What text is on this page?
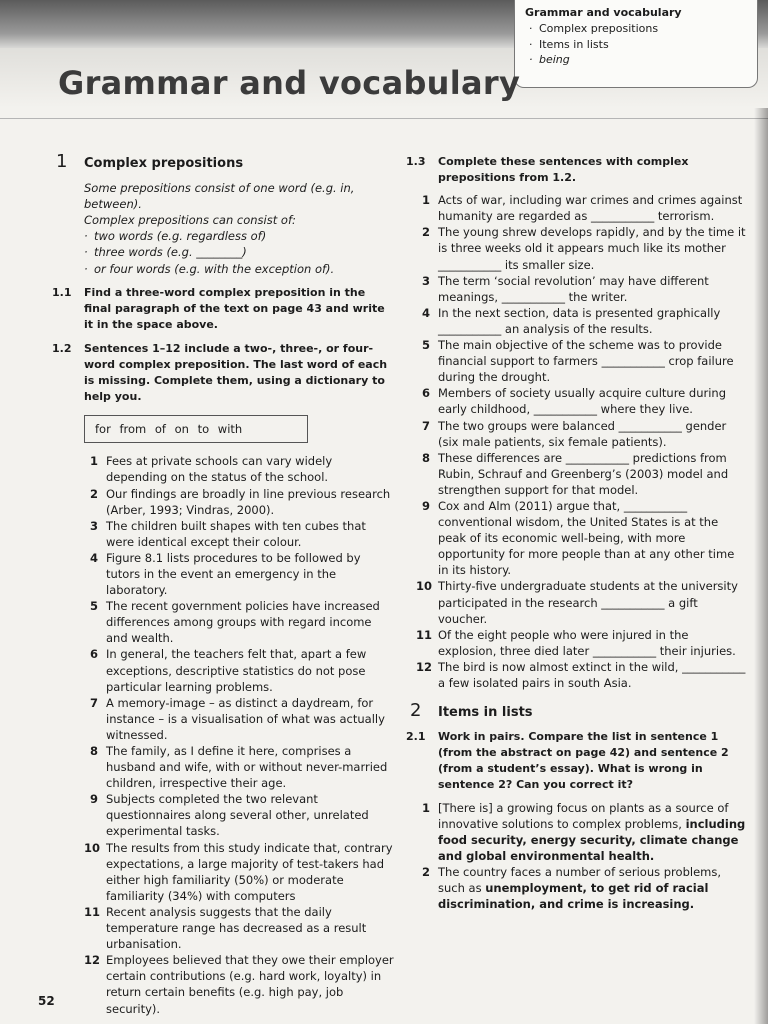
Grammar and vocabulary
· Complex prepositions
· Items in lists
· being
Grammar and vocabulary
1	Complex prepositions
Some prepositions consist of one word (e.g. in, between).
Complex prepositions can consist of:
· two words (e.g. regardless of)
· three words (e.g. ________)
· or four words (e.g. with the exception of).
1.1	Find a three-word complex preposition in the final paragraph of the text on page 43 and write it in the space above.
1.2	Sentences 1–12 include a two-, three-, or four-word complex preposition. The last word of each is missing. Complete them, using a dictionary to help you.
for from of on to with
1 Fees at private schools can vary widely depending on the status of the school.
2 Our findings are broadly in line previous research (Arber, 1993; Vindras, 2000).
3 The children built shapes with ten cubes that were identical except their colour.
4 Figure 8.1 lists procedures to be followed by tutors in the event an emergency in the laboratory.
5 The recent government policies have increased differences among groups with regard income and wealth.
6 In general, the teachers felt that, apart a few exceptions, descriptive statistics do not pose particular learning problems.
7 A memory-image – as distinct a daydream, for instance – is a visualisation of what was actually witnessed.
8 The family, as I define it here, comprises a husband and wife, with or without never-married children, irrespective their age.
9 Subjects completed the two relevant questionnaires along several other, unrelated experimental tasks.
10 The results from this study indicate that, contrary expectations, a large majority of test-takers had either high familiarity (50%) or moderate familiarity (34%) with computers
11 Recent analysis suggests that the daily temperature range has decreased as a result urbanisation.
12 Employees believed that they owe their employer certain contributions (e.g. hard work, loyalty) in return certain benefits (e.g. high pay, job security).
1.3	Complete these sentences with complex prepositions from 1.2.
1 Acts of war, including war crimes and crimes against humanity are regarded as ___________ terrorism.
2 The young shrew develops rapidly, and by the time it is three weeks old it appears much like its mother ___________ its smaller size.
3 The term ‘social revolution’ may have different meanings, ___________ the writer.
4 In the next section, data is presented graphically ___________ an analysis of the results.
5 The main objective of the scheme was to provide financial support to farmers ___________ crop failure during the drought.
6 Members of society usually acquire culture during early childhood, ___________ where they live.
7 The two groups were balanced ___________ gender (six male patients, six female patients).
8 These differences are ___________ predictions from Rubin, Schrauf and Greenberg’s (2003) model and strengthen support for that model.
9 Cox and Alm (2011) argue that, ___________ conventional wisdom, the United States is at the peak of its economic well-being, with more opportunity for more people than at any other time in its history.
10 Thirty-five undergraduate students at the university participated in the research ___________ a gift voucher.
11 Of the eight people who were injured in the explosion, three died later ___________ their injuries.
12 The bird is now almost extinct in the wild, ___________ a few isolated pairs in south Asia.
2	Items in lists
2.1	Work in pairs. Compare the list in sentence 1 (from the abstract on page 42) and sentence 2 (from a student’s essay). What is wrong in sentence 2? Can you correct it?
1 [There is] a growing focus on plants as a source of innovative solutions to complex problems, including food security, energy security, climate change and global environmental health.
2 The country faces a number of serious problems, such as unemployment, to get rid of racial discrimination, and crime is increasing.
52
